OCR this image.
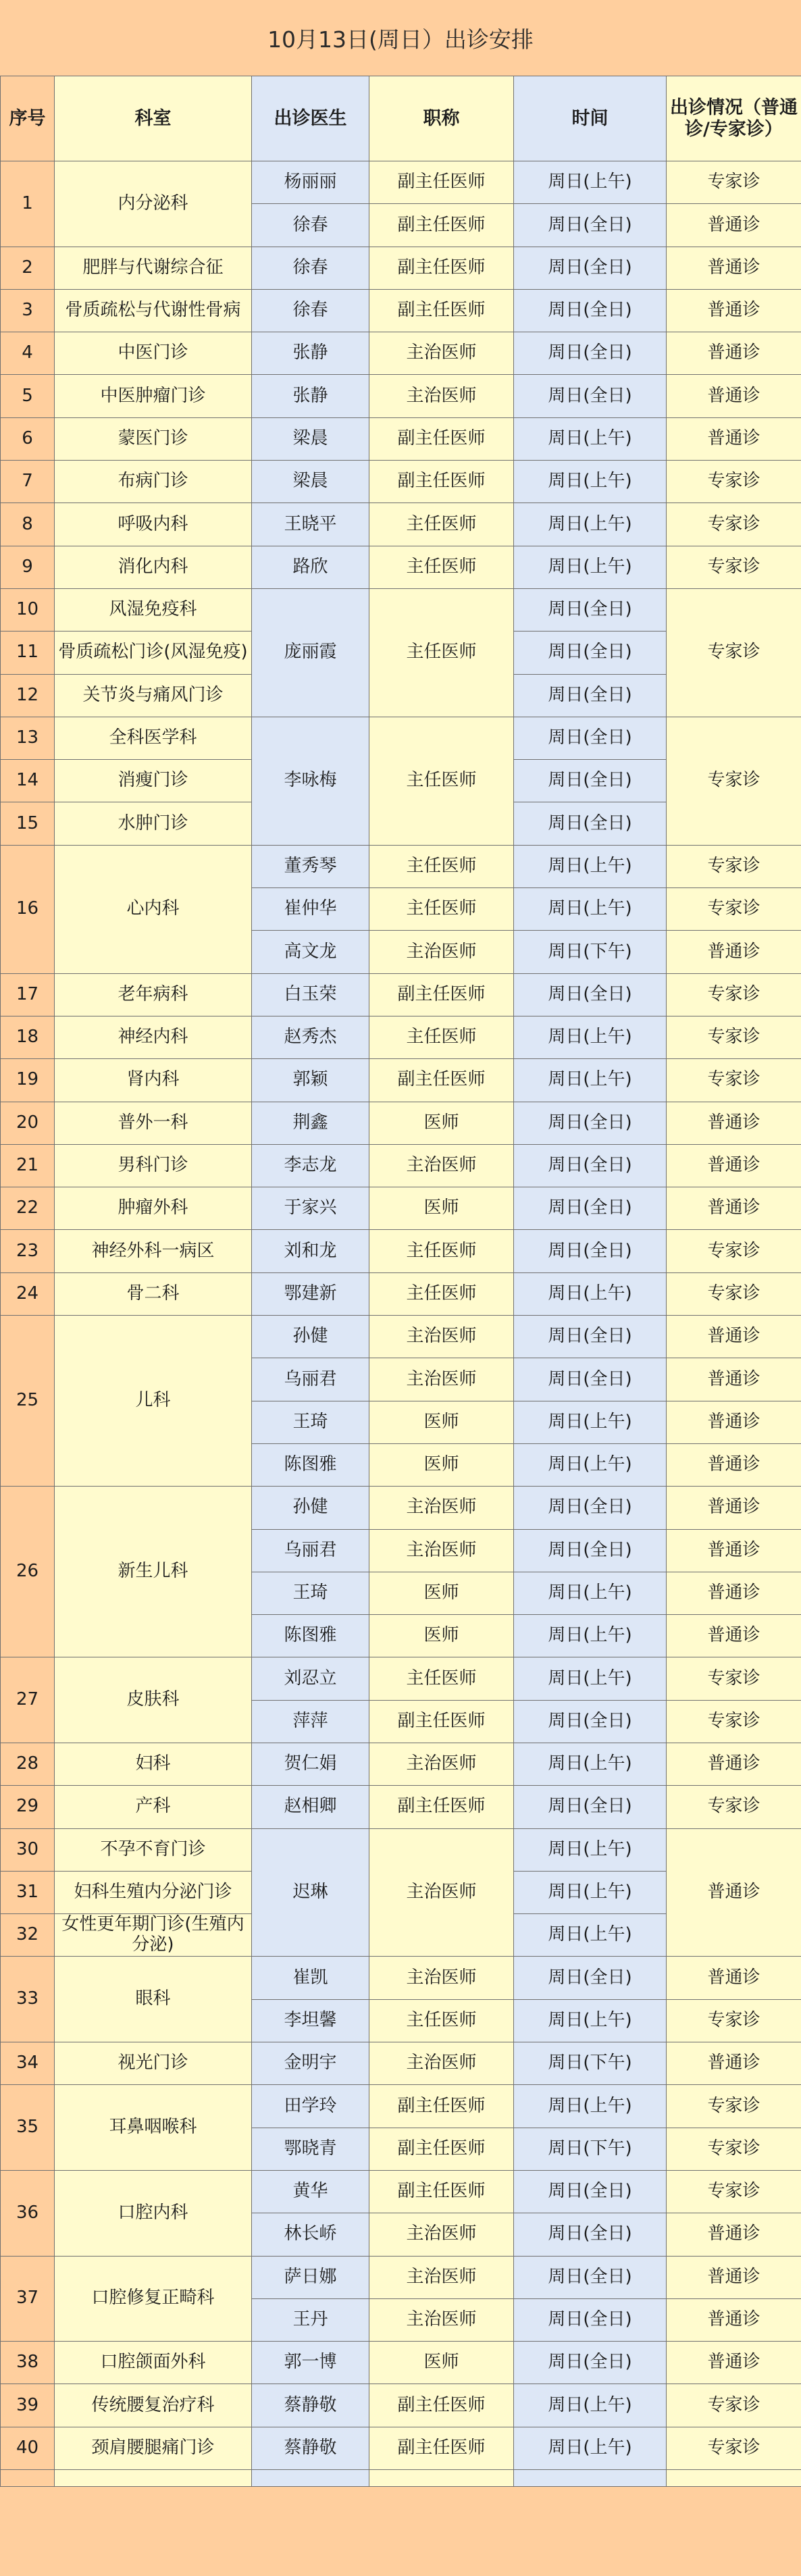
10月13日(周日）出诊安排
序号	科室	出诊医生	职称	时间	出诊情况（普通诊/专家诊）
1	内分泌科	杨丽丽	副主任医师	周日(上午)	专家诊
		徐春	副主任医师	周日(全日)	普通诊
2	肥胖与代谢综合征	徐春	副主任医师	周日(全日)	普通诊
3	骨质疏松与代谢性骨病	徐春	副主任医师	周日(全日)	普通诊
4	中医门诊	张静	主治医师	周日(全日)	普通诊
5	中医肿瘤门诊	张静	主治医师	周日(全日)	普通诊
6	蒙医门诊	梁晨	副主任医师	周日(上午)	普通诊
7	布病门诊	梁晨	副主任医师	周日(上午)	专家诊
8	呼吸内科	王晓平	主任医师	周日(上午)	专家诊
9	消化内科	路欣	主任医师	周日(上午)	专家诊
10	风湿免疫科	庞丽霞	主任医师	周日(全日)	专家诊
11	骨质疏松门诊(风湿免疫)			周日(全日)	
12	关节炎与痛风门诊			周日(全日)	
13	全科医学科	李咏梅	主任医师	周日(全日)	专家诊
14	消瘦门诊			周日(全日)	
15	水肿门诊			周日(全日)	
16	心内科	董秀琴	主任医师	周日(上午)	专家诊
		崔仲华	主任医师	周日(上午)	专家诊
		高文龙	主治医师	周日(下午)	普通诊
17	老年病科	白玉荣	副主任医师	周日(全日)	专家诊
18	神经内科	赵秀杰	主任医师	周日(上午)	专家诊
19	肾内科	郭颖	副主任医师	周日(上午)	专家诊
20	普外一科	荆鑫	医师	周日(全日)	普通诊
21	男科门诊	李志龙	主治医师	周日(全日)	普通诊
22	肿瘤外科	于家兴	医师	周日(全日)	普通诊
23	神经外科一病区	刘和龙	主任医师	周日(全日)	专家诊
24	骨二科	鄂建新	主任医师	周日(上午)	专家诊
25	儿科	孙健	主治医师	周日(全日)	普通诊
		乌丽君	主治医师	周日(全日)	普通诊
		王琦	医师	周日(上午)	普通诊
		陈图雅	医师	周日(上午)	普通诊
26	新生儿科	孙健	主治医师	周日(全日)	普通诊
		乌丽君	主治医师	周日(全日)	普通诊
		王琦	医师	周日(上午)	普通诊
		陈图雅	医师	周日(上午)	普通诊
27	皮肤科	刘忍立	主任医师	周日(上午)	专家诊
		萍萍	副主任医师	周日(全日)	专家诊
28	妇科	贺仁娟	主治医师	周日(上午)	普通诊
29	产科	赵相卿	副主任医师	周日(全日)	专家诊
30	不孕不育门诊	迟琳	主治医师	周日(上午)	普通诊
31	妇科生殖内分泌门诊			周日(上午)	
32	女性更年期门诊(生殖内分泌)			周日(上午)	
33	眼科	崔凯	主治医师	周日(全日)	普通诊
		李坦馨	主任医师	周日(上午)	专家诊
34	视光门诊	金明宇	主治医师	周日(下午)	普通诊
35	耳鼻咽喉科	田学玲	副主任医师	周日(上午)	专家诊
		鄂晓青	副主任医师	周日(下午)	专家诊
36	口腔内科	黄华	副主任医师	周日(全日)	专家诊
		林长峤	主治医师	周日(全日)	普通诊
37	口腔修复正畸科	萨日娜	主治医师	周日(全日)	普通诊
		王丹	主治医师	周日(全日)	普通诊
38	口腔颌面外科	郭一博	医师	周日(全日)	普通诊
39	传统腰复治疗科	蔡静敬	副主任医师	周日(上午)	专家诊
40	颈肩腰腿痛门诊	蔡静敬	副主任医师	周日(上午)	专家诊
